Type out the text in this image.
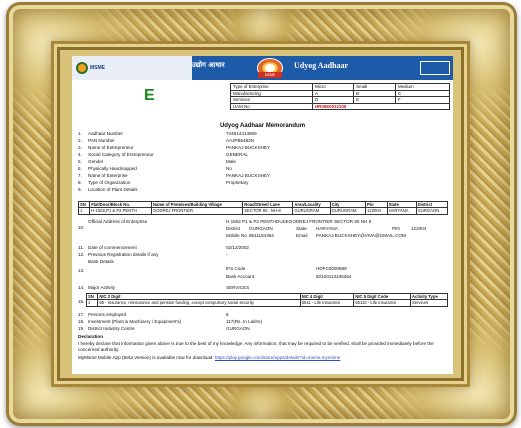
MSME	उद्योग आधार
MSME
Udyog Aadhaar
E
Type of Enterprise	Micro	Small	Medium
Manufacturing	A	B	C
Services	D	E	F
UAM No	HR05E0012105		
Udyog Aadhaar Memorandum
1. Aadhaar Number	744614413969
2. PAN Number	AAJPB6482N
3. Name of Entrepreneur	PANKAJ BUCKSHEY
4. Social Category of Entrepreneur	GENERAL
5. Gender	Male
6. Physically Handicapped	No
7. Name of Enterprise	PANKAJ BUCKSHEY
8. Type of Organization	Proprietary
9. Location of Plant Details
SN	Flat/Door/Block No.	Name of Premises/Building Village	Road/Street/ Lane	Area/Locality	City	Pin	State	District
1	H-1502,P1 & P2 PENTH	GODREJ FRONTIER	SECTOR 80 . NH-8	GURUGRAM	GURUGRAM	122004	HARYANA	GURGAON
10.
Official Address of Enterprise	H 1502 P1 & P2 PENTHOUSEGODREJ FRONTIER SECTOR 80 NH 8
District GURGAON	State HARYANA	PIN 122004
Mobile No 8811154364	Email PANKAJ.BUCKSHEY@VIVA@GMAIL.COM
11. Date of commencement	02/12/2002
12. Previous Registration details if any	-
Bank Details
13.	IFS Code	HDFC0000589
Bank Account	50100113236364
14. Major Activity	SERVICES
15.
SN	NIC 2 Digit	NIC 4 Digit	NIC 5 Digit Code	Activity Type
1	66 - Insurance, reinsurance and pension funding, except compulsory social security	6511 - Life insurance	65110 - Life insurance	Services
17. Persons employed	6
18. Investment (Plant & Machinery / Equipment's)	117(Rs. In Lakhs)
19. District Industry Centre	GURGAON
Declaration
I hereby declare that information given above is true to the best of my knowledge. Any information, that may be required to be verified, shall be provided immediately before the concerned authority.
MyMsme Mobile App (Beta Version) is available now for download: https://play.google.com/store/apps/details?id=msme.mymsme
